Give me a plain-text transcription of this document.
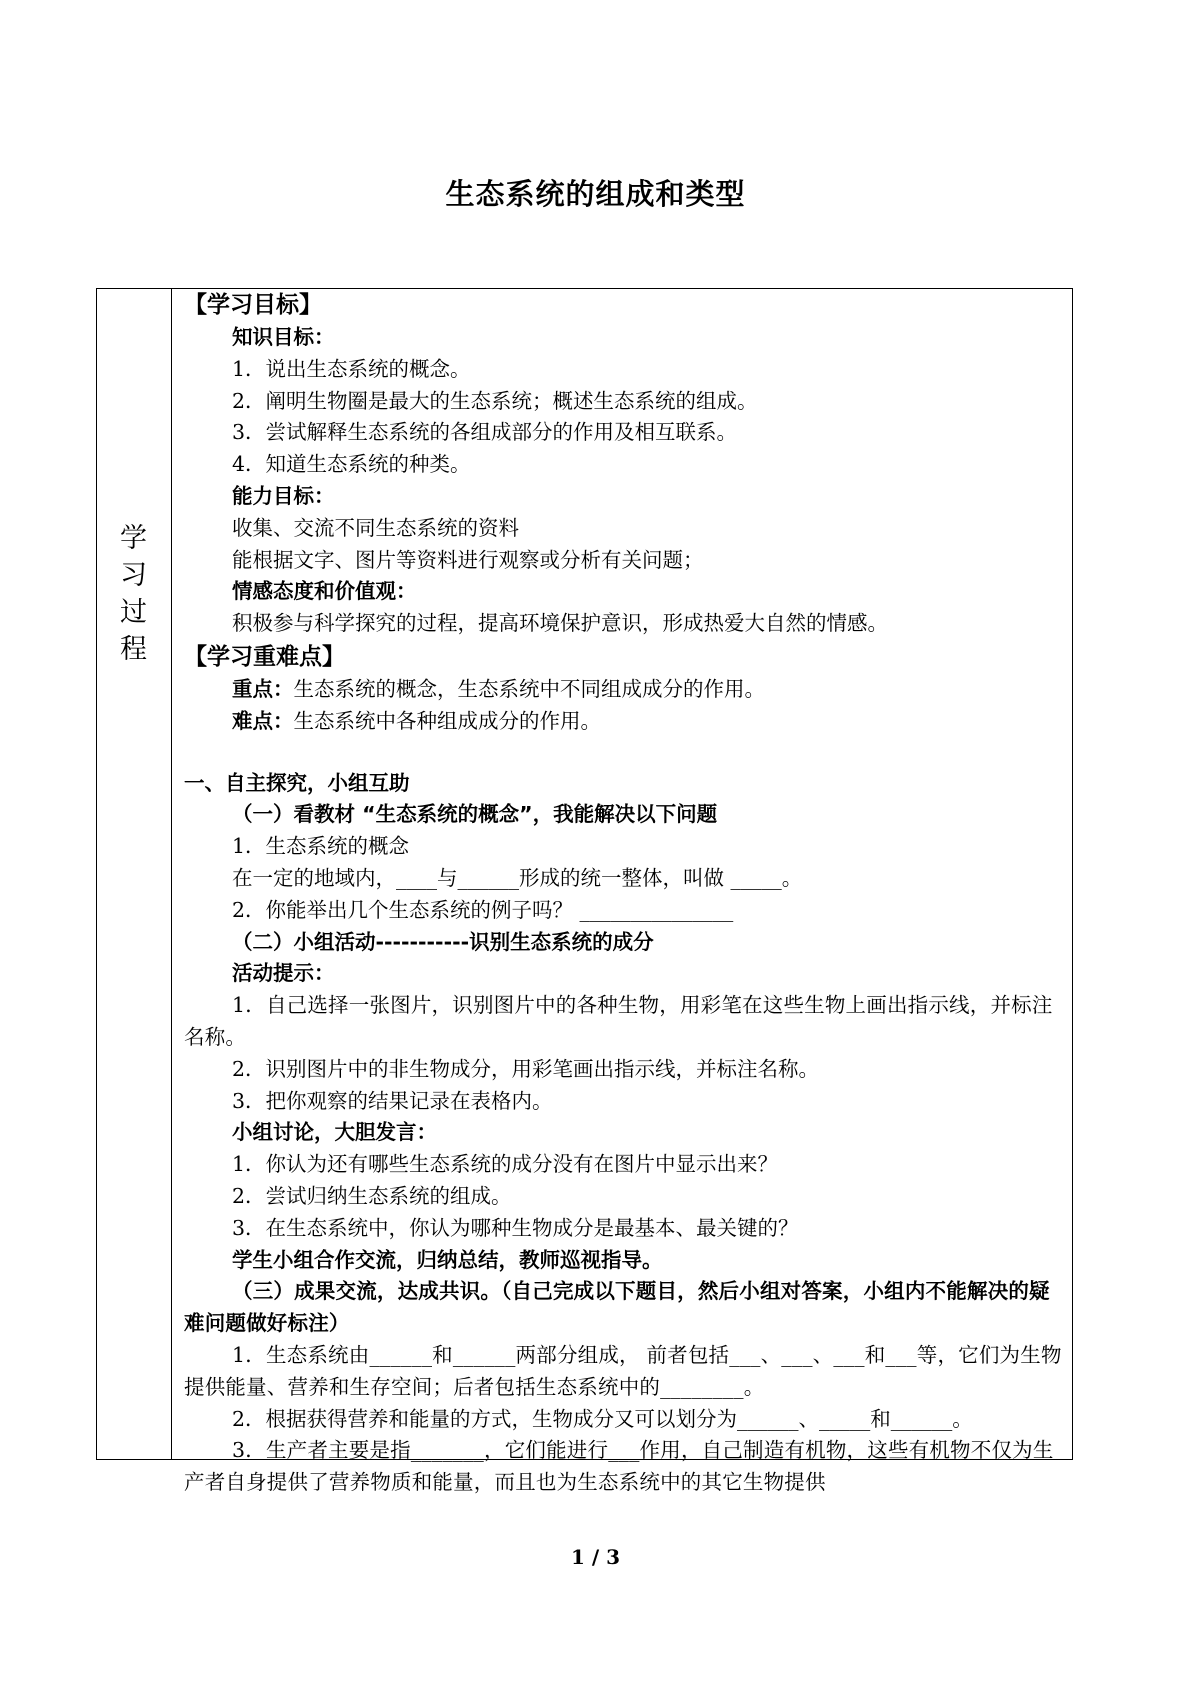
生态系统的组成和类型
学
习
过
程
【学习目标】
知识目标：
1．说出生态系统的概念。
2．阐明生物圈是最大的生态系统；概述生态系统的组成。
3．尝试解释生态系统的各组成部分的作用及相互联系。
4．知道生态系统的种类。
能力目标：
收集、交流不同生态系统的资料
能根据文字、图片等资料进行观察或分析有关问题；
情感态度和价值观：
积极参与科学探究的过程，提高环境保护意识，形成热爱大自然的情感。
【学习重难点】
重点：生态系统的概念，生态系统中不同组成成分的作用。
难点：生态系统中各种组成成分的作用。
一、自主探究，小组互助
（一）看教材 “生态系统的概念”，我能解决以下问题
1．生态系统的概念
在一定的地域内，____与______形成的统一整体，叫做 _____。
2．你能举出几个生态系统的例子吗？ _______________
（二）小组活动-----------识别生态系统的成分
活动提示：
1．自己选择一张图片，识别图片中的各种生物，用彩笔在这些生物上画出指示线，并标注名称。
2．识别图片中的非生物成分，用彩笔画出指示线，并标注名称。
3．把你观察的结果记录在表格内。
小组讨论，大胆发言：
1．你认为还有哪些生态系统的成分没有在图片中显示出来？
2．尝试归纳生态系统的组成。
3．在生态系统中，你认为哪种生物成分是最基本、最关键的？
学生小组合作交流，归纳总结，教师巡视指导。
（三）成果交流，达成共识。（自己完成以下题目，然后小组对答案，小组内不能解决的疑难问题做好标注）
1．生态系统由______和______两部分组成， 前者包括___、___、___和___等，它们为生物提供能量、营养和生存空间；后者包括生态系统中的________。
2．根据获得营养和能量的方式，生物成分又可以划分为______、_____和______。
3．生产者主要是指_______，它们能进行___作用，自己制造有机物，这些有机物不仅为生产者自身提供了营养物质和能量，而且也为生态系统中的其它生物提供
1 / 3
